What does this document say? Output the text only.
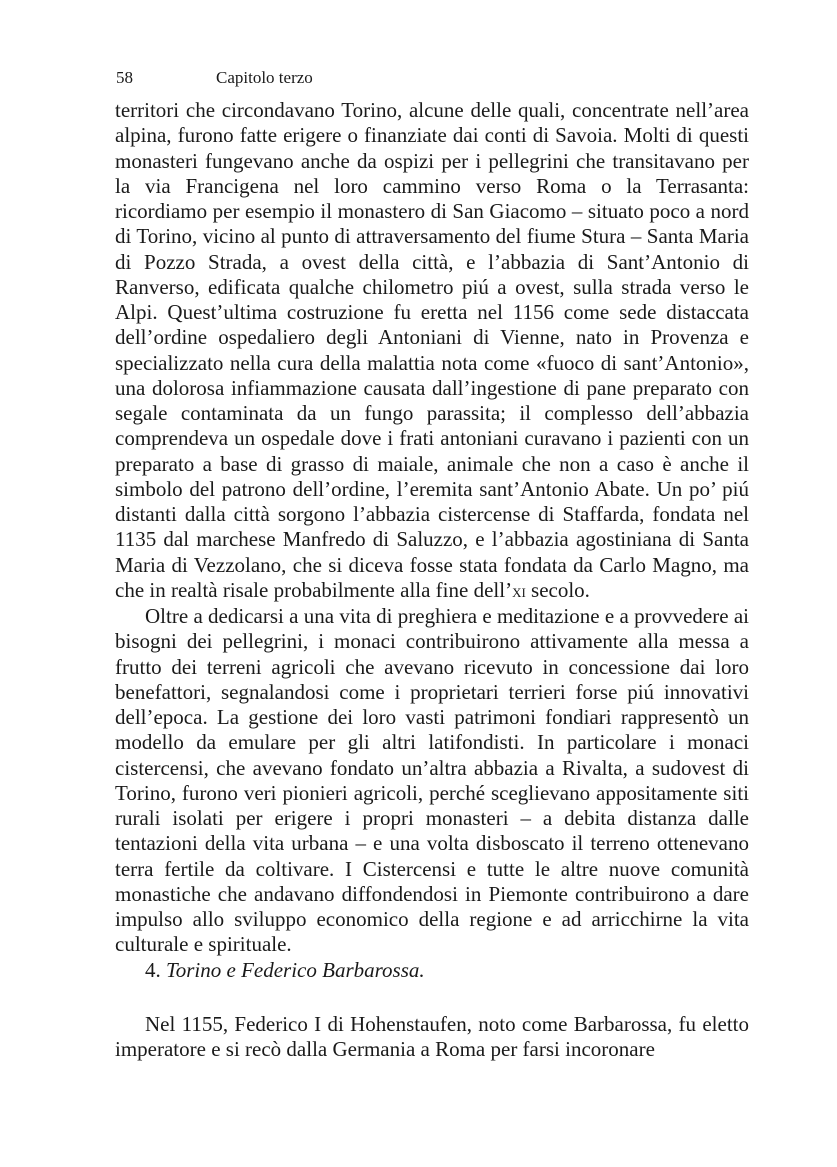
58	Capitolo terzo

territori che circondavano Torino, alcune delle quali, concentrate nell’area alpina, furono fatte erigere o finanziate dai conti di Savoia. Molti di questi monasteri fungevano anche da ospizi per i pellegrini che transitavano per la via Francigena nel loro cammino verso Roma o la Terrasanta: ricordiamo per esempio il monastero di San Giacomo – situato poco a nord di Torino, vicino al punto di attraversamento del fiume Stura – Santa Maria di Pozzo Strada, a ovest della città, e l’abbazia di Sant’Antonio di Ranverso, edificata qualche chilometro piú a ovest, sulla strada verso le Alpi. Quest’ultima costruzione fu eretta nel 1156 come sede distaccata dell’ordine ospedaliero degli Antoniani di Vienne, nato in Provenza e specializzato nella cura della malattia nota come «fuoco di sant’Antonio», una dolorosa infiammazione causata dall’ingestione di pane preparato con segale contaminata da un fungo parassita; il complesso dell’abbazia comprendeva un ospedale dove i frati antoniani curavano i pazienti con un preparato a base di grasso di maiale, animale che non a caso è anche il simbolo del patrono dell’ordine, l’eremita sant’Antonio Abate. Un po’ piú distanti dalla città sorgono l’abbazia cistercense di Staffarda, fondata nel 1135 dal marchese Manfredo di Saluzzo, e l’abbazia agostiniana di Santa Maria di Vezzolano, che si diceva fosse stata fondata da Carlo Magno, ma che in realtà risale probabilmente alla fine dell’xi secolo.

Oltre a dedicarsi a una vita di preghiera e meditazione e a provvedere ai bisogni dei pellegrini, i monaci contribuirono attivamente alla messa a frutto dei terreni agricoli che avevano ricevuto in concessione dai loro benefattori, segnalandosi come i proprietari terrieri forse piú innovativi dell’epoca. La gestione dei loro vasti patrimoni fondiari rappresentò un modello da emulare per gli altri latifondisti. In particolare i monaci cistercensi, che avevano fondato un’altra abbazia a Rivalta, a sudovest di Torino, furono veri pionieri agricoli, perché sceglievano appositamente siti rurali isolati per erigere i propri monasteri – a debita distanza dalle tentazioni della vita urbana – e una volta disboscato il terreno ottenevano terra fertile da coltivare. I Cistercensi e tutte le altre nuove comunità monastiche che andavano diffondendosi in Piemonte contribuirono a dare impulso allo sviluppo economico della regione e ad arricchirne la vita culturale e spirituale.

4. Torino e Federico Barbarossa.

Nel 1155, Federico I di Hohenstaufen, noto come Barbarossa, fu eletto imperatore e si recò dalla Germania a Roma per farsi incoronare
